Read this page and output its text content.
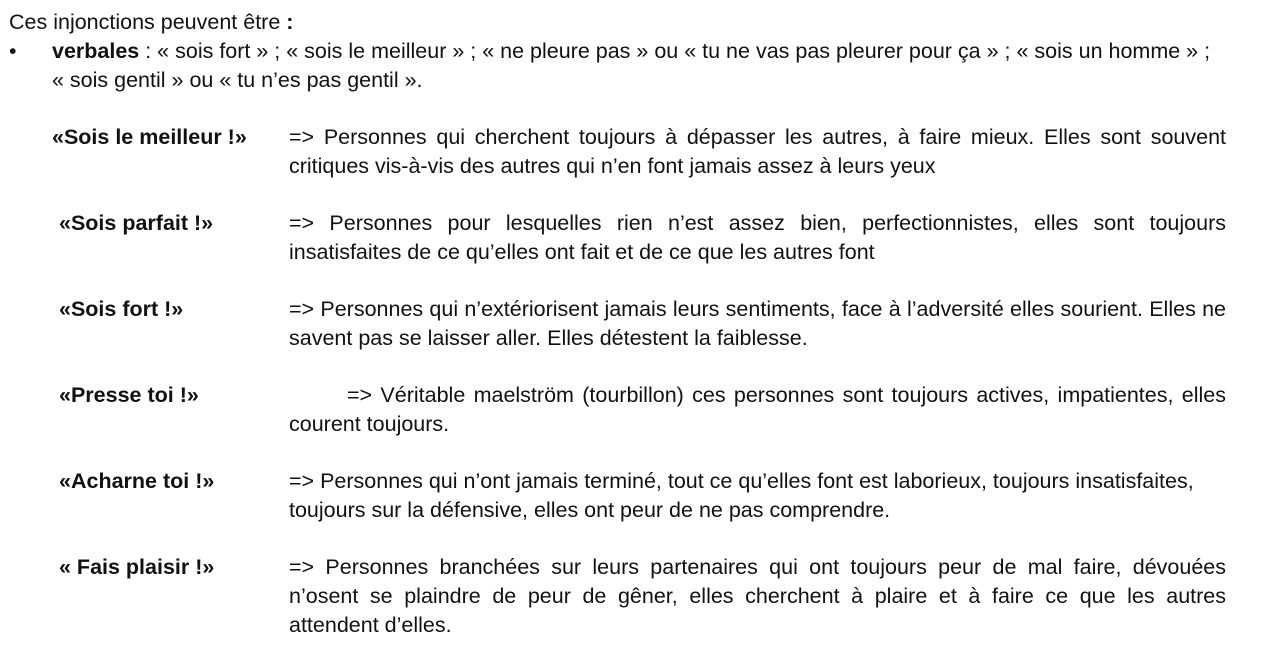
Ces injonctions peuvent être :
•	verbales : « sois fort » ; « sois le meilleur » ; « ne pleure pas » ou « tu ne vas pas pleurer pour ça » ; « sois un homme » ; « sois gentil » ou « tu n’es pas gentil ».
«Sois le meilleur !» => Personnes qui cherchent toujours à dépasser les autres, à faire mieux. Elles sont souvent critiques vis-à-vis des autres qui n’en font jamais assez à leurs yeux
«Sois parfait !»	=> Personnes pour lesquelles rien n’est assez bien, perfectionnistes, elles sont toujours insatisfaites de ce qu’elles ont fait et de ce que les autres font
«Sois fort !»	=> Personnes qui n’extériorisent jamais leurs sentiments, face à l’adversité elles sourient. Elles ne savent pas se laisser aller. Elles détestent la faiblesse.
«Presse toi !»	=> Véritable maelström (tourbillon) ces personnes sont toujours actives, impatientes, elles courent toujours.
«Acharne toi !»	=> Personnes qui n’ont jamais terminé, tout ce qu’elles font est laborieux, toujours insatisfaites, toujours sur la défensive, elles ont peur de ne pas comprendre.
« Fais plaisir !»	=> Personnes branchées sur leurs partenaires qui ont toujours peur de mal faire, dévouées n’osent se plaindre de peur de gêner, elles cherchent à plaire et à faire ce que les autres attendent d’elles.
